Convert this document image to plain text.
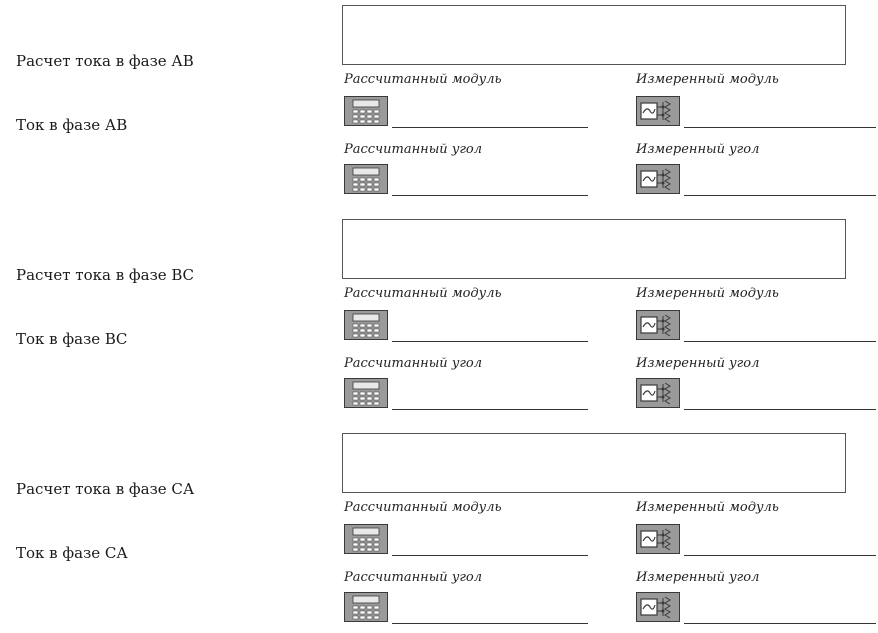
Расчет тока в фазе АВ
Ток в фазе АВ
Рассчитанный модуль	Измеренный модуль
Рассчитанный угол	Измеренный угол
Расчет тока в фазе ВС
Ток в фазе ВС
Рассчитанный модуль	Измеренный модуль
Рассчитанный угол	Измеренный угол
Расчет тока в фазе СА
Ток в фазе СА
Рассчитанный модуль	Измеренный модуль
Рассчитанный угол	Измеренный угол
